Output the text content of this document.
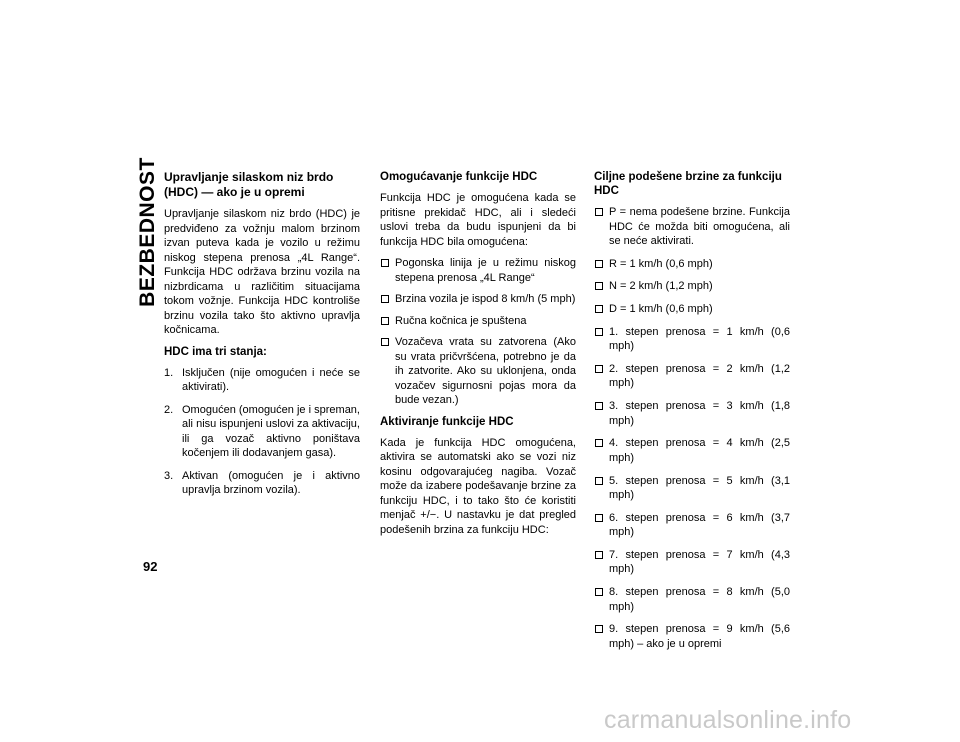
BEZBEDNOST
92
Upravljanje silaskom niz brdo (HDC) — ako je u opremi

Upravljanje silaskom niz brdo (HDC) je predviđeno za vožnju malom brzinom izvan puteva kada je vozilo u režimu niskog stepena prenosa „4L Range“. Funkcija HDC održava brzinu vozila na nizbrdicama u različitim situacijama tokom vožnje. Funkcija HDC kontroliše brzinu vozila tako što aktivno upravlja kočnicama.

HDC ima tri stanja:
1. Isključen (nije omogućen i neće se aktivirati).
2. Omogućen (omogućen je i spreman, ali nisu ispunjeni uslovi za aktivaciju, ili ga vozač aktivno poništava kočenjem ili dodavanjem gasa).
3. Aktivan (omogućen je i aktivno upravlja brzinom vozila).
Omogućavanje funkcije HDC

Funkcija HDC je omogućena kada se pritisne prekidač HDC, ali i sledeći uslovi treba da budu ispunjeni da bi funkcija HDC bila omogućena:

Pogonska linija je u režimu niskog stepena prenosa „4L Range“
Brzina vozila je ispod 8 km/h (5 mph)
Ručna kočnica je spuštena
Vozačeva vrata su zatvorena (Ako su vrata pričvršćena, potrebno je da ih zatvorite. Ako su uklonjena, onda vozačev sigurnosni pojas mora da bude vezan.)
Aktiviranje funkcije HDC

Kada je funkcija HDC omogućena, aktivira se automatski ako se vozi niz kosinu odgovarajućeg nagiba. Vozač može da izabere podešavanje brzine za funkciju HDC, i to tako što će koristiti menjač +/−. U nastavku je dat pregled podešenih brzina za funkciju HDC:

Ciljne podešene brzine za funkciju HDC
P = nema podešene brzine. Funkcija HDC će možda biti omogućena, ali se neće aktivirati.
R = 1 km/h (0,6 mph)
N = 2 km/h (1,2 mph)
D = 1 km/h (0,6 mph)
1. stepen prenosa = 1 km/h (0,6 mph)
2. stepen prenosa = 2 km/h (1,2 mph)
3. stepen prenosa = 3 km/h (1,8 mph)
4. stepen prenosa = 4 km/h (2,5 mph)
5. stepen prenosa = 5 km/h (3,1 mph)
6. stepen prenosa = 6 km/h (3,7 mph)
7. stepen prenosa = 7 km/h (4,3 mph)
8. stepen prenosa = 8 km/h (5,0 mph)
9. stepen prenosa = 9 km/h (5,6 mph) – ako je u opremi
carmanualsonline.info
